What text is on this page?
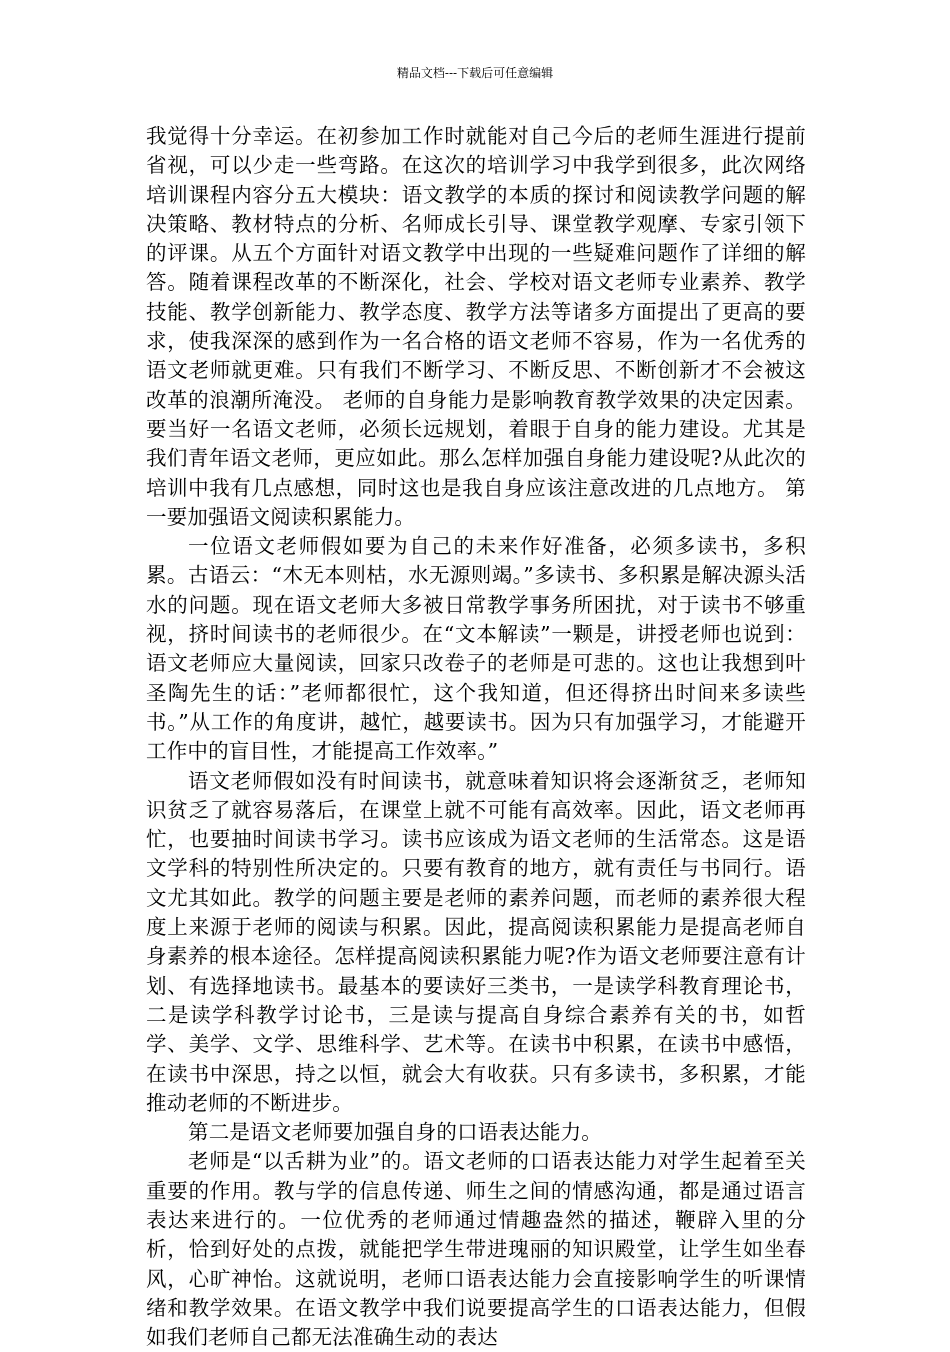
精品文档---下载后可任意编辑

我觉得十分幸运。在初参加工作时就能对自己今后的老师生涯进行提前省视，可以少走一些弯路。在这次的培训学习中我学到很多，此次网络培训课程内容分五大模块：语文教学的本质的探讨和阅读教学问题的解决策略、教材特点的分析、名师成长引导、课堂教学观摩、专家引领下的评课。从五个方面针对语文教学中出现的一些疑难问题作了详细的解答。随着课程改革的不断深化，社会、学校对语文老师专业素养、教学技能、教学创新能力、教学态度、教学方法等诸多方面提出了更高的要求，使我深深的感到作为一名合格的语文老师不容易，作为一名优秀的语文老师就更难。只有我们不断学习、不断反思、不断创新才不会被这改革的浪潮所淹没。 老师的自身能力是影响教育教学效果的决定因素。要当好一名语文老师，必须长远规划，着眼于自身的能力建设。尤其是我们青年语文老师，更应如此。那么怎样加强自身能力建设呢?从此次的培训中我有几点感想，同时这也是我自身应该注意改进的几点地方。 第一要加强语文阅读积累能力。

一位语文老师假如要为自己的未来作好准备，必须多读书，多积累。古语云：“木无本则枯，水无源则竭。”多读书、多积累是解决源头活水的问题。现在语文老师大多被日常教学事务所困扰，对于读书不够重视，挤时间读书的老师很少。在“文本解读”一颗是，讲授老师也说到：语文老师应大量阅读，回家只改卷子的老师是可悲的。这也让我想到叶圣陶先生的话：”老师都很忙，这个我知道，但还得挤出时间来多读些书。”从工作的角度讲，越忙，越要读书。因为只有加强学习，才能避开工作中的盲目性，才能提高工作效率。”

语文老师假如没有时间读书，就意味着知识将会逐渐贫乏，老师知识贫乏了就容易落后，在课堂上就不可能有高效率。因此，语文老师再忙，也要抽时间读书学习。读书应该成为语文老师的生活常态。这是语文学科的特别性所决定的。只要有教育的地方，就有责任与书同行。语文尤其如此。教学的问题主要是老师的素养问题，而老师的素养很大程度上来源于老师的阅读与积累。因此，提高阅读积累能力是提高老师自身素养的根本途径。怎样提高阅读积累能力呢?作为语文老师要注意有计划、有选择地读书。最基本的要读好三类书，一是读学科教育理论书，二是读学科教学讨论书，三是读与提高自身综合素养有关的书，如哲学、美学、文学、思维科学、艺术等。在读书中积累，在读书中感悟，在读书中深思，持之以恒，就会大有收获。只有多读书，多积累，才能推动老师的不断进步。

第二是语文老师要加强自身的口语表达能力。

老师是“以舌耕为业”的。语文老师的口语表达能力对学生起着至关重要的作用。教与学的信息传递、师生之间的情感沟通，都是通过语言表达来进行的。一位优秀的老师通过情趣盎然的描述，鞭辟入里的分析，恰到好处的点拨，就能把学生带进瑰丽的知识殿堂，让学生如坐春风，心旷神怡。这就说明，老师口语表达能力会直接影响学生的听课情绪和教学效果。在语文教学中我们说要提高学生的口语表达能力，但假如我们老师自己都无法准确生动的表达
